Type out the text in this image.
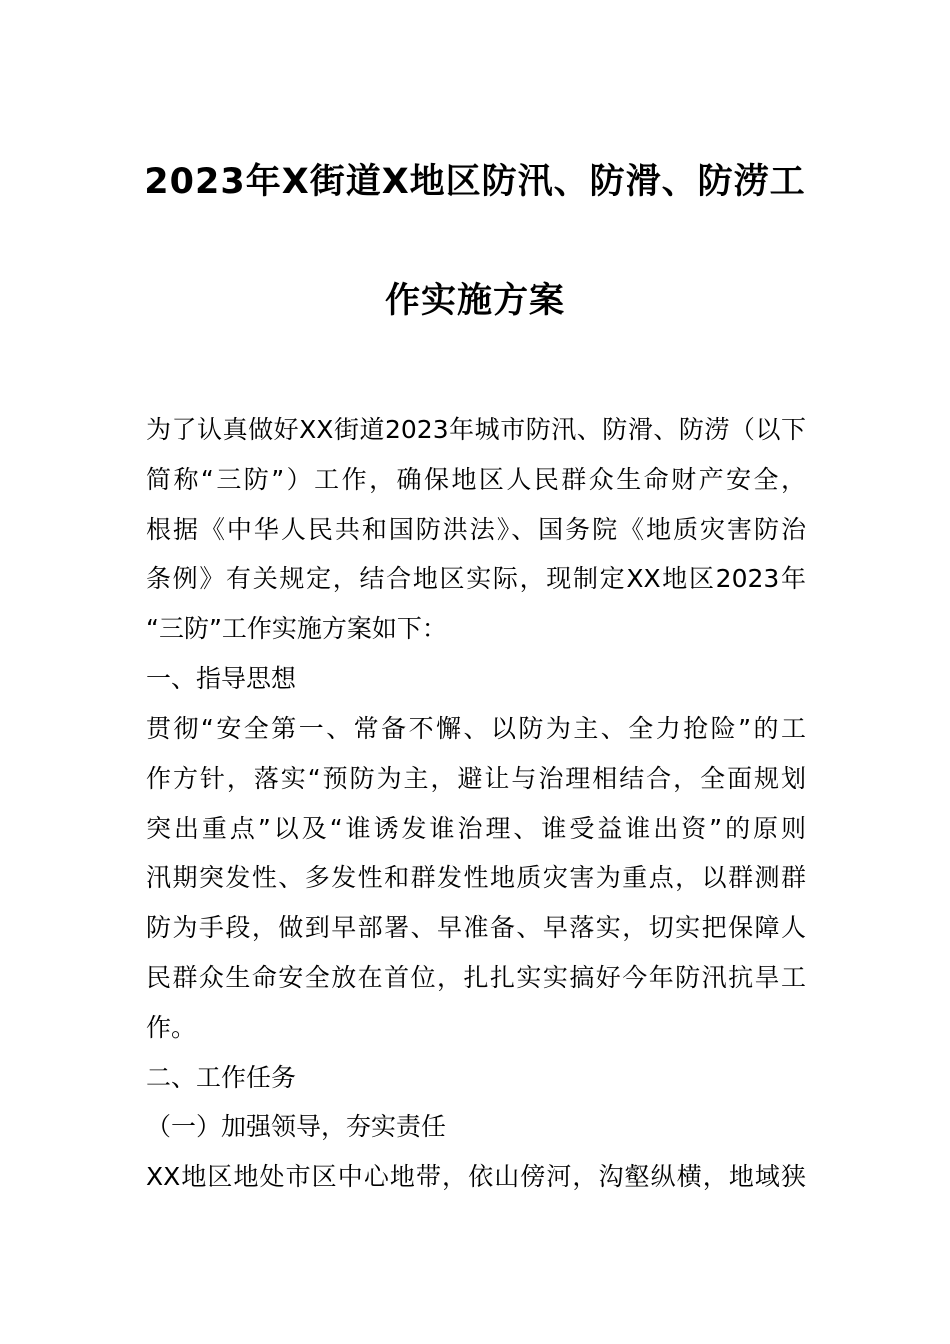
2023年X街道X地区防汛、防滑、防涝工
作实施方案
为了认真做好XX街道2023年城市防汛、防滑、防涝（以下
简称“三防”）工作，确保地区人民群众生命财产安全，
根据《中华人民共和国防洪法》、国务院《地质灾害防治
条例》有关规定，结合地区实际，现制定XX地区2023年
“三防”工作实施方案如下：
一、指导思想
贯彻“安全第一、常备不懈、以防为主、全力抢险”的工
作方针，落实“预防为主，避让与治理相结合，全面规划
突出重点”以及“谁诱发谁治理、谁受益谁出资”的原则
汛期突发性、多发性和群发性地质灾害为重点，以群测群
防为手段，做到早部署、早准备、早落实，切实把保障人
民群众生命安全放在首位，扎扎实实搞好今年防汛抗旱工
作。
二、工作任务
（一）加强领导，夯实责任
XX地区地处市区中心地带，依山傍河，沟壑纵横，地域狭
